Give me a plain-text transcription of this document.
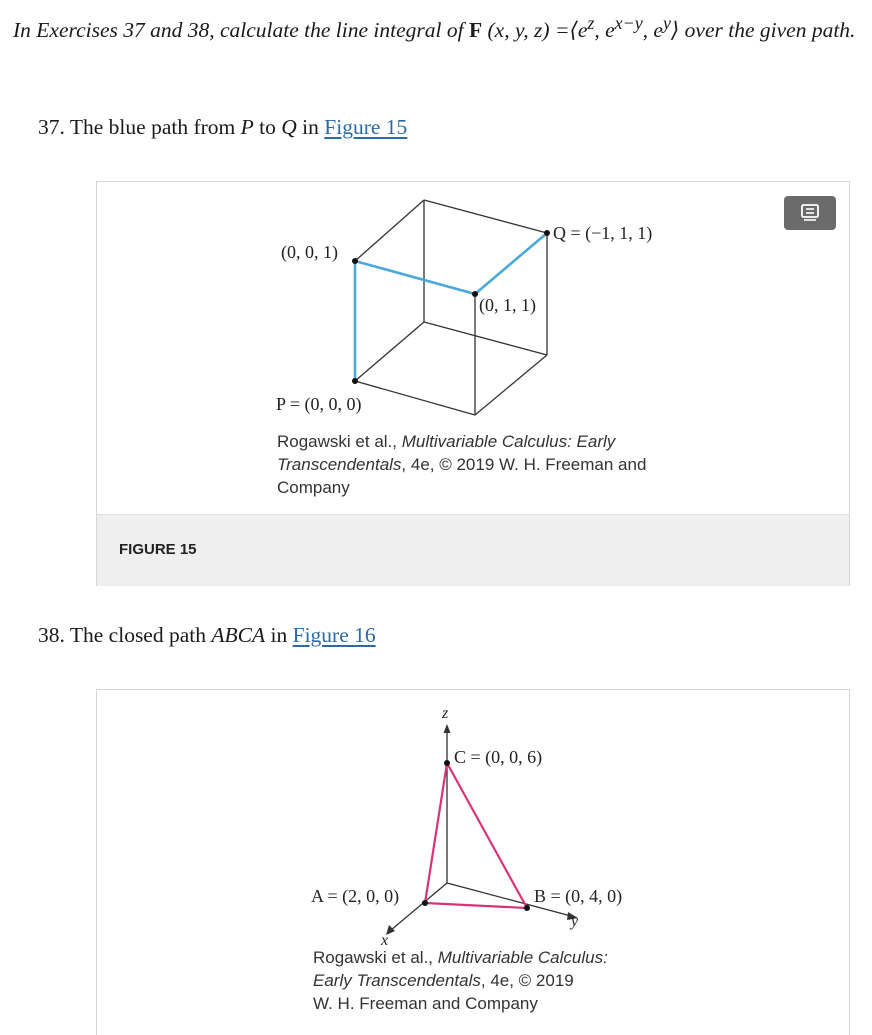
In Exercises 37 and 38, calculate the line integral of F (x, y, $z) =⟨e^z$, $e^{x-y}$, $e^y⟩$ over the given path.
37. The blue path from P to Q in Figure 15
(0, 0, 1)
Q = (−1, 1, 1)
(0, 1, 1)
P = (0, 0, 0)
Rogawski et al., Multivariable Calculus: Early
Transcendentals, 4e, © 2019 W. H. Freeman and
Company
FIGURE 15
38. The closed path ABCA in Figure 16
z
C = (0, 0, 6)
A = (2, 0, 0)	B = (0, 4, 0)
y
x
Rogawski et al., Multivariable Calculus:
Early Transcendentals, 4e, © 2019
W. H. Freeman and Company
